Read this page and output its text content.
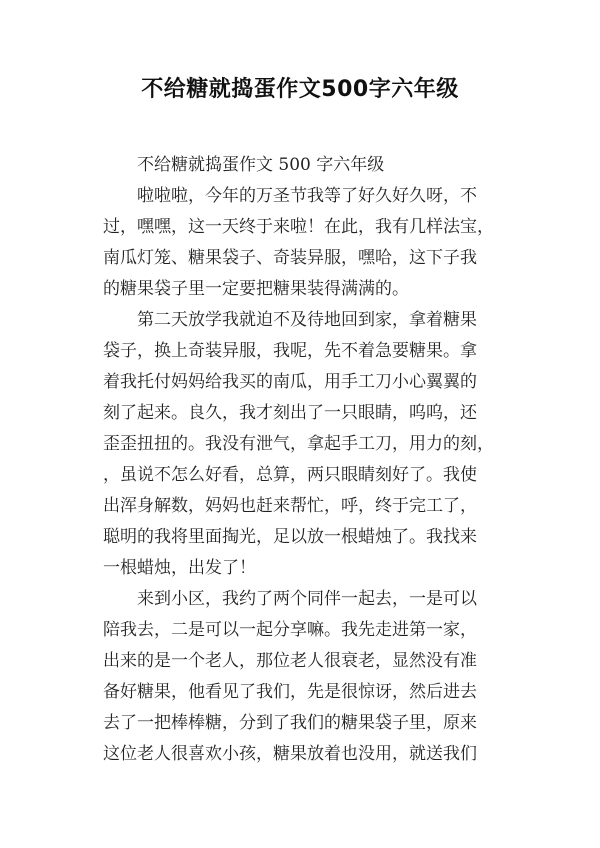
不给糖就捣蛋作文500字六年级
不给糖就捣蛋作文 500 字六年级
啦啦啦，今年的万圣节我等了好久好久呀，不
过，嘿嘿，这一天终于来啦！在此，我有几样法宝，
南瓜灯笼、糖果袋子、奇装异服，嘿哈，这下子我
的糖果袋子里一定要把糖果装得满满的。
第二天放学我就迫不及待地回到家，拿着糖果
袋子，换上奇装异服，我呢，先不着急要糖果。拿
着我托付妈妈给我买的南瓜，用手工刀小心翼翼的
刻了起来。良久，我才刻出了一只眼睛，呜呜，还
歪歪扭扭的。我没有泄气，拿起手工刀，用力的刻，
，虽说不怎么好看，总算，两只眼睛刻好了。我使
出浑身解数，妈妈也赶来帮忙，呼，终于完工了，
聪明的我将里面掏光，足以放一根蜡烛了。我找来
一根蜡烛，出发了！
来到小区，我约了两个同伴一起去，一是可以
陪我去，二是可以一起分享嘛。我先走进第一家，
出来的是一个老人，那位老人很衰老，显然没有准
备好糖果，他看见了我们，先是很惊讶，然后进去
去了一把棒棒糖，分到了我们的糖果袋子里，原来
这位老人很喜欢小孩，糖果放着也没用，就送我们
